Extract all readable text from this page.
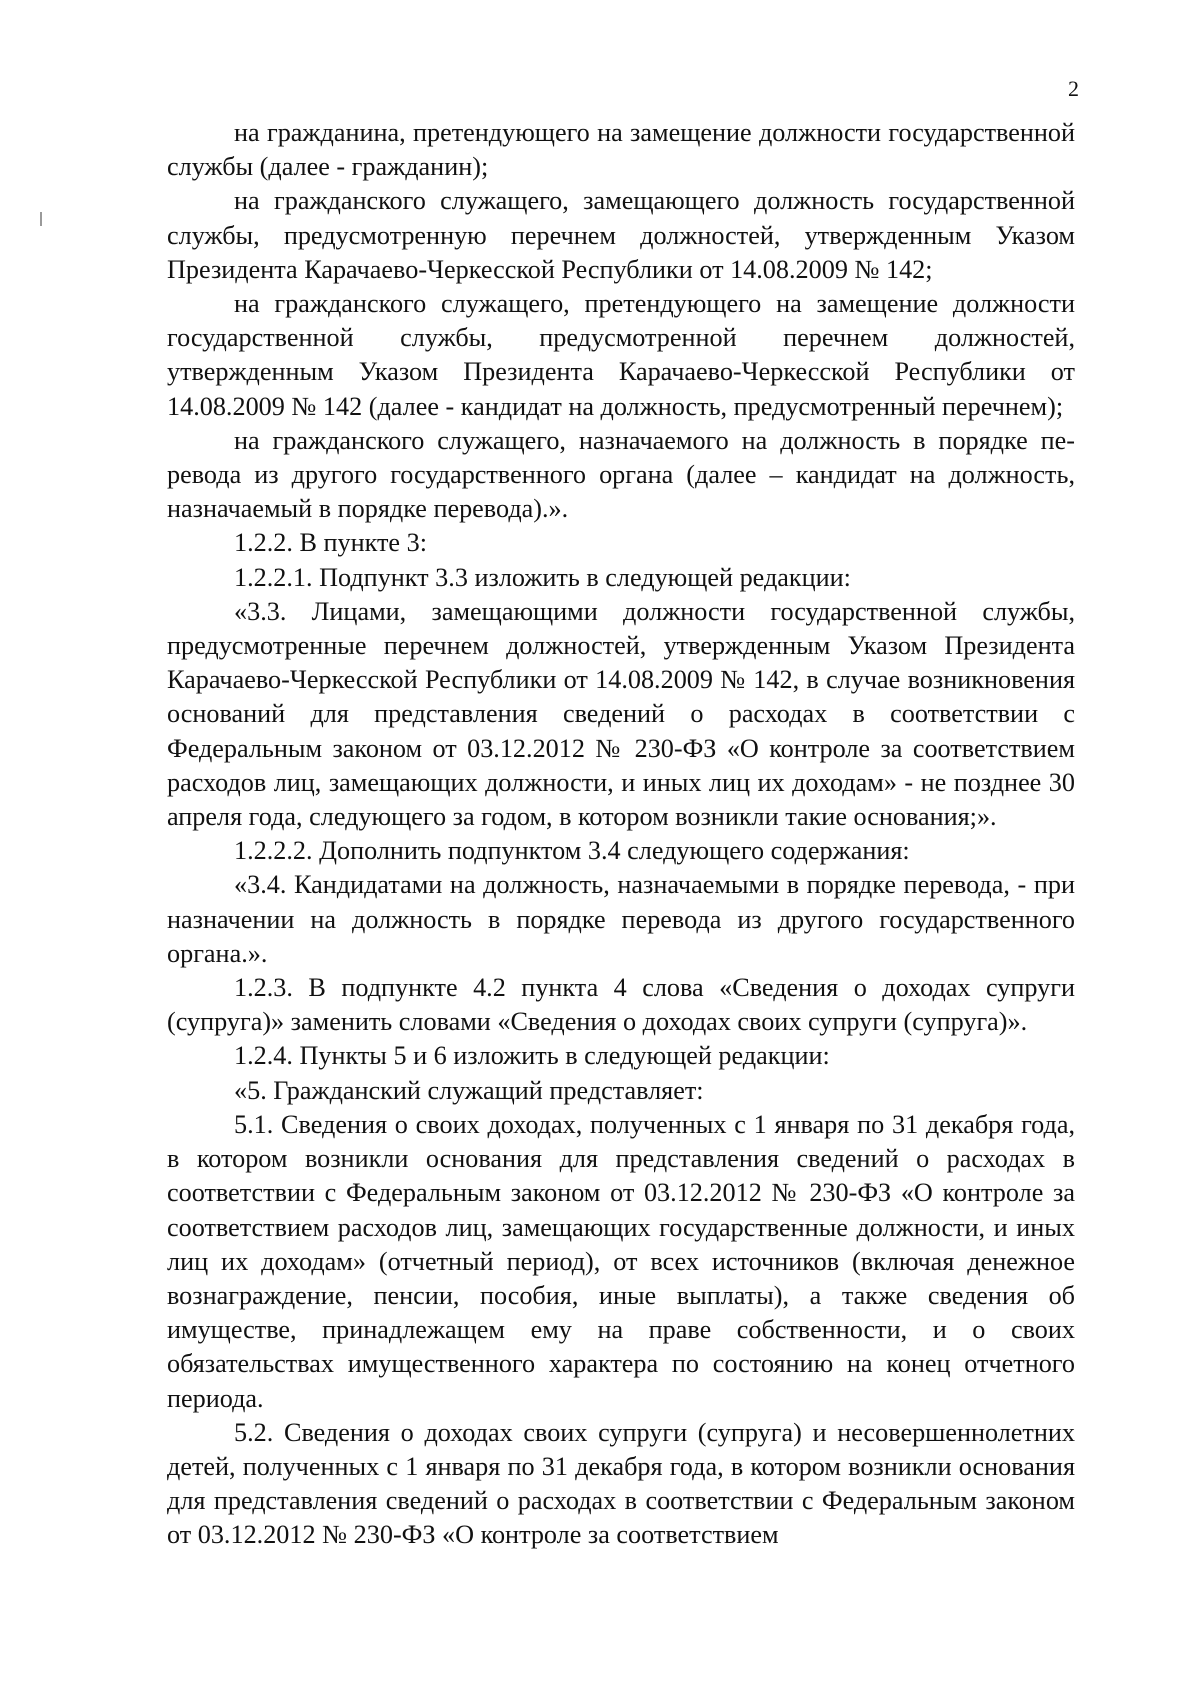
2

на гражданина, претендующего на замещение должности государственной службы (далее - гражданин);

на гражданского служащего, замещающего должность государственной службы, предусмотренную перечнем должностей, утвержденным Указом Президента Карачаево-Черкесской Республики от 14.08.2009 № 142;

на гражданского служащего, претендующего на замещение должности государственной службы, предусмотренной перечнем должностей, утвержденным Указом Президента Карачаево-Черкесской Республики от 14.08.2009 № 142 (далее - кандидат на должность, предусмотренный перечнем);

на гражданского служащего, назначаемого на должность в порядке перевода из другого государственного органа (далее – кандидат на должность, назначаемый в порядке перевода).».

1.2.2. В пункте 3:

1.2.2.1. Подпункт 3.3 изложить в следующей редакции:

«3.3. Лицами, замещающими должности государственной службы, предусмотренные перечнем должностей, утвержденным Указом Президента Карачаево-Черкесской Республики от 14.08.2009 № 142, в случае возникновения оснований для представления сведений о расходах в соответствии с Федеральным законом от 03.12.2012 № 230-ФЗ «О контроле за соответствием расходов лиц, замещающих должности, и иных лиц их доходам» - не позднее 30 апреля года, следующего за годом, в котором возникли такие основания;».

1.2.2.2. Дополнить подпунктом 3.4 следующего содержания:

«3.4. Кандидатами на должность, назначаемыми в порядке перевода, - при назначении на должность в порядке перевода из другого государственного органа.».

1.2.3. В подпункте 4.2 пункта 4 слова «Сведения о доходах супруги (супруга)» заменить словами «Сведения о доходах своих супруги (супруга)».

1.2.4. Пункты 5 и 6 изложить в следующей редакции:

«5. Гражданский служащий представляет:

5.1. Сведения о своих доходах, полученных с 1 января по 31 декабря года, в котором возникли основания для представления сведений о расходах в соответствии с Федеральным законом от 03.12.2012 № 230-ФЗ «О контроле за соответствием расходов лиц, замещающих государственные должности, и иных лиц их доходам» (отчетный период), от всех источников (включая денежное вознаграждение, пенсии, пособия, иные выплаты), а также сведения об имуществе, принадлежащем ему на праве собственности, и о своих обязательствах имущественного характера по состоянию на конец отчетного периода.

5.2. Сведения о доходах своих супруги (супруга) и несовершеннолетних детей, полученных с 1 января по 31 декабря года, в котором возникли основания для представления сведений о расходах в соответствии с Федеральным законом от 03.12.2012 № 230-ФЗ «О контроле за соответствием
